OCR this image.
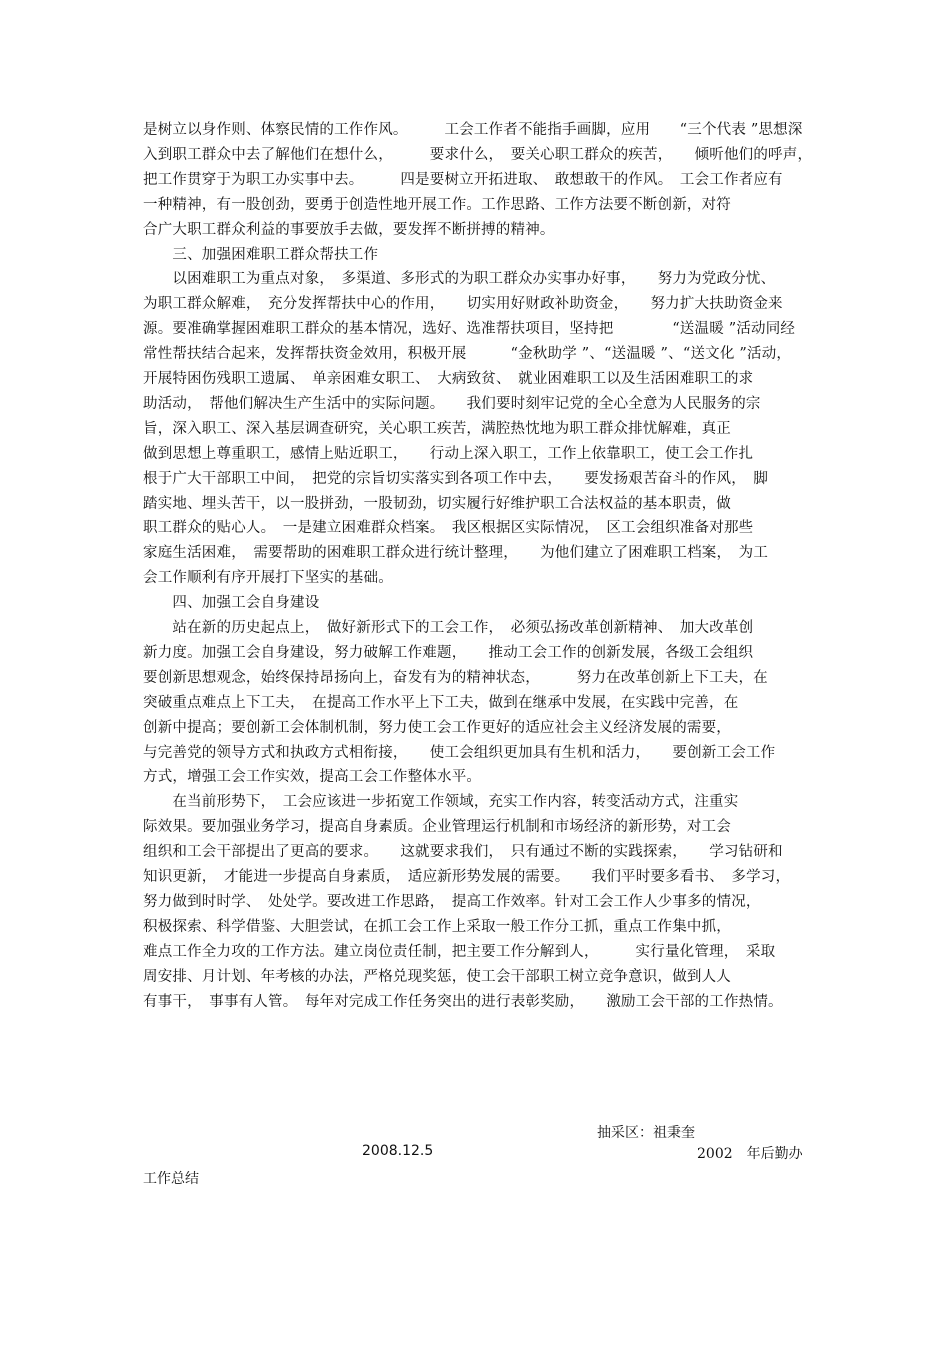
是树立以身作则、体察民情的工作作风。　　　工会工作者不能指手画脚，应用　　“三个代表 ”思想深
入到职工群众中去了解他们在想什么，　　　要求什么，　要关心职工群众的疾苦，　　倾听他们的呼声，
把工作贯穿于为职工办实事中去。　　　四是要树立开拓进取、　敢想敢干的作风。　工会工作者应有
一种精神，有一股创劲，要勇于创造性地开展工作。工作思路、工作方法要不断创新，对符
合广大职工群众利益的事要放手去做，要发挥不断拼搏的精神。
　　三、加强困难职工群众帮扶工作
　　以困难职工为重点对象，　多渠道、多形式的为职工群众办实事办好事，　　努力为党政分忧、
为职工群众解难，　充分发挥帮扶中心的作用，　　切实用好财政补助资金，　　努力扩大扶助资金来
源。要准确掌握困难职工群众的基本情况，选好、选准帮扶项目，坚持把　　　　“送温暖 ”活动同经
常性帮扶结合起来，发挥帮扶资金效用，积极开展　　　“金秋助学 ”、“送温暖 ”、“送文化 ”活动，
开展特困伤残职工遗属、　单亲困难女职工、　大病致贫、　就业困难职工以及生活困难职工的求
助活动，　帮他们解决生产生活中的实际问题。　　我们要时刻牢记党的全心全意为人民服务的宗
旨，深入职工、深入基层调查研究，关心职工疾苦，满腔热忱地为职工群众排忧解难，真正
做到思想上尊重职工，感情上贴近职工，　　行动上深入职工，工作上依靠职工，使工会工作扎
根于广大干部职工中间，　把党的宗旨切实落实到各项工作中去，　　要发扬艰苦奋斗的作风，　脚
踏实地、埋头苦干，以一股拼劲，一股韧劲，切实履行好维护职工合法权益的基本职责，做
职工群众的贴心人。　一是建立困难群众档案。　我区根据区实际情况，　区工会组织准备对那些
家庭生活困难，　需要帮助的困难职工群众进行统计整理，　　为他们建立了困难职工档案，　为工
会工作顺利有序开展打下坚实的基础。
　　四、加强工会自身建设
　　站在新的历史起点上，　做好新形式下的工会工作，　必须弘扬改革创新精神、　加大改革创
新力度。加强工会自身建设，努力破解工作难题，　　推动工会工作的创新发展，各级工会组织
要创新思想观念，始终保持昂扬向上，奋发有为的精神状态，　　　努力在改革创新上下工夫，在
突破重点难点上下工夫，　在提高工作水平上下工夫，做到在继承中发展，在实践中完善，在
创新中提高；要创新工会体制机制，努力使工会工作更好的适应社会主义经济发展的需要，
与完善党的领导方式和执政方式相衔接，　　使工会组织更加具有生机和活力，　　要创新工会工作
方式，增强工会工作实效，提高工会工作整体水平。
　　在当前形势下，　工会应该进一步拓宽工作领域，充实工作内容，转变活动方式，注重实
际效果。要加强业务学习，提高自身素质。企业管理运行机制和市场经济的新形势，对工会
组织和工会干部提出了更高的要求。　　这就要求我们，　只有通过不断的实践探索，　　学习钻研和
知识更新，　才能进一步提高自身素质，　适应新形势发展的需要。　　我们平时要多看书、　多学习，
努力做到时时学、　处处学。要改进工作思路，　提高工作效率。针对工会工作人少事多的情况，
积极探索、科学借鉴、大胆尝试，在抓工会工作上采取一般工作分工抓，重点工作集中抓，
难点工作全力攻的工作方法。建立岗位责任制，把主要工作分解到人，　　　实行量化管理，　采取
周安排、月计划、年考核的办法，严格兑现奖惩，使工会干部职工树立竞争意识，做到人人
有事干，　事事有人管。　每年对完成工作任务突出的进行表彰奖励，　　激励工会干部的工作热情。
抽采区：祖秉奎
2008.12.5	2002　年后勤办
工作总结
